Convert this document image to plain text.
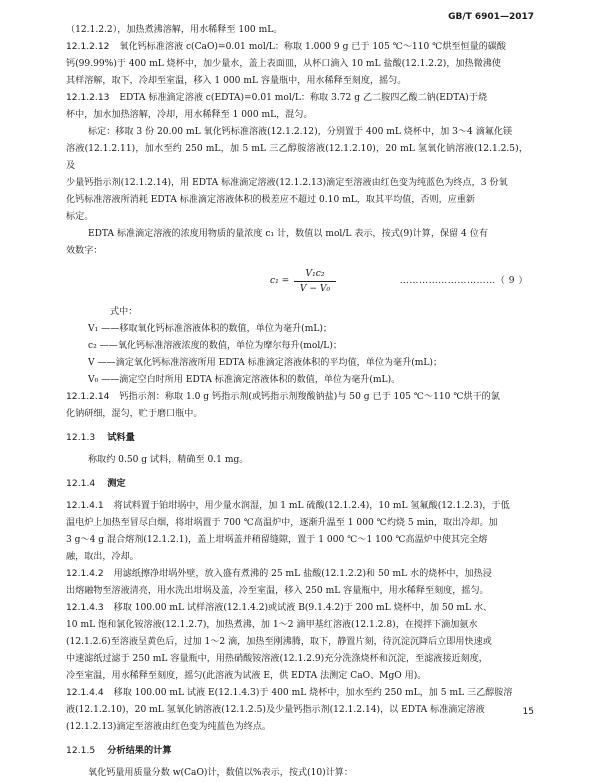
GB/T 6901—2017

（12.1.2.2），加热煮沸溶解，用水稀释至 100 mL。

12.1.2.12 氧化钙标准溶液 c(CaO)=0.01 mol/L：称取 1.000 9 g 已于 105 ℃～110 ℃烘至恒量的碳酸

钙(99.99%)于 400 mL 烧杯中，加少量水，盖上表面皿，从杯口滴入 10 mL 盐酸(12.1.2.2)，加热微沸使

其样溶解，取下，冷却至室温，移入 1 000 mL 容量瓶中，用水稀释至刻度，摇匀。

12.1.2.13 EDTA 标准滴定溶液 c(EDTA)=0.01 mol/L：称取 3.72 g 乙二胺四乙酸二钠(EDTA)于烧

杯中，加水加热溶解，冷却，用水稀释至 1 000 mL，混匀。

标定：移取 3 份 20.00 mL 氧化钙标准溶液(12.1.2.12)，分别置于 400 mL 烧杯中，加 3～4 滴氟化镁

溶液(12.1.2.11)，加水至约 250 mL，加 5 mL 三乙醇胺溶液(12.1.2.10)，20 mL 氢氧化钠溶液(12.1.2.5)，及

少量钙指示剂(12.1.2.14)，用 EDTA 标准滴定溶液(12.1.2.13)滴定至溶液由红色变为纯蓝色为终点，3 份氧

化钙标准溶液所消耗 EDTA 标准滴定溶液体积的极差应不超过 0.10 mL，取其平均值，否则，应重新

标定。

EDTA 标准滴定溶液的浓度用物质的量浓度 c₁ 计，数值以 mol/L 表示，按式(9)计算，保留 4 位有

效数字：

c₁ =
V₁c₂
V − V₀
…………………………（ 9 ）

式中：

V₁ ——移取氧化钙标准溶液体积的数值，单位为毫升(mL)；

c₂ ——氧化钙标准溶液浓度的数值，单位为摩尔每升(mol/L)；

V ——滴定氧化钙标准溶液所用 EDTA 标准滴定溶液体积的平均值，单位为毫升(mL)；

V₀ ——滴定空白时所用 EDTA 标准滴定溶液体积的数值，单位为毫升(mL)。

12.1.2.14 钙指示剂：称取 1.0 g 钙指示剂(或钙指示剂羧酸钠盐)与 50 g 已于 105 ℃～110 ℃烘干的氯

化钠研细，混匀，贮于磨口瓶中。

12.1.3 试料量

称取约 0.50 g 试料，精确至 0.1 mg。

12.1.4 测定

12.1.4.1 将试料置于铂坩埚中，用少量水润湿，加 1 mL 硫酸(12.1.2.4)，10 mL 氢氟酸(12.1.2.3)，于低

温电炉上加热至冒尽白烟，将坩埚置于 700 ℃高温炉中，逐渐升温至 1 000 ℃灼烧 5 min，取出冷却。加

3 g～4 g 混合熔剂(12.1.2.1)，盖上坩埚盖并稍留缝隙，置于 1 000 ℃～1 100 ℃高温炉中使其完全熔

融，取出，冷却。

12.1.4.2 用滤纸擦净坩埚外壁，放入盛有煮沸的 25 mL 盐酸(12.1.2.2)和 50 mL 水的烧杯中，加热浸

出熔融物至溶液清亮，用水洗出坩埚及盖，冷至室温，移入 250 mL 容量瓶中，用水稀释至刻度，摇匀。

12.1.4.3 移取 100.00 mL 试样溶液(12.1.4.2)或试液 B(9.1.4.2)于 200 mL 烧杯中，加 50 mL 水、

10 mL 饱和氯化铵溶液(12.1.2.7)，加热煮沸，加 1～2 滴甲基红溶液(12.1.2.8)，在搅拌下滴加氨水

(12.1.2.6)至溶液呈黄色后，过加 1～2 滴，加热至刚沸腾，取下，静置片刻，待沉淀沉降后立即用快速或

中速滤纸过滤于 250 mL 容量瓶中，用热硝酸铵溶液(12.1.2.9)充分洗涤烧杯和沉淀，至滤液接近刻度，

冷至室温，用水稀释至刻度，摇匀(此溶液为试液 E，供 EDTA 法测定 CaO、MgO 用)。

12.1.4.4 移取 100.00 mL 试液 E(12.1.4.3)于 400 mL 烧杯中，加水至约 250 mL，加 5 mL 三乙醇胺溶

液(12.1.2.10)，20 mL 氢氧化钠溶液(12.1.2.5)及少量钙指示剂(12.1.2.14)，以 EDTA 标准滴定溶液

(12.1.2.13)滴定至溶液由红色变为纯蓝色为终点。

12.1.5 分析结果的计算

氧化钙量用质量分数 w(CaO)计，数值以%表示，按式(10)计算：

15
